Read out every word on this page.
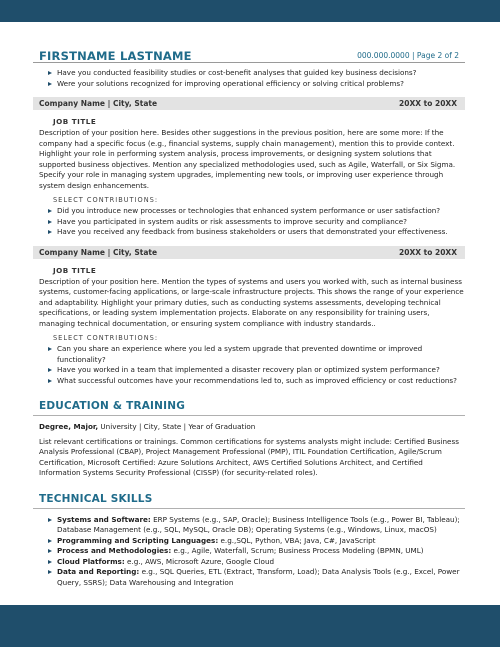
FIRSTNAME LASTNAME	000.000.0000 | Page 2 of 2
Have you conducted feasibility studies or cost-benefit analyses that guided key business decisions?
Were your solutions recognized for improving operational efficiency or solving critical problems?
Company Name | City, State	20XX to 20XX
JOB TITLE

Description of your position here. Besides other suggestions in the previous position, here are some more: If the company had a specific focus (e.g., financial systems, supply chain management), mention this to provide context. Highlight your role in performing system analysis, process improvements, or designing system solutions that supported business objectives. Mention any specialized methodologies used, such as Agile, Waterfall, or Six Sigma. Specify your role in managing system upgrades, implementing new tools, or improving user experience through system design enhancements.

SELECT CONTRIBUTIONS:
Did you introduce new processes or technologies that enhanced system performance or user satisfaction?
Have you participated in system audits or risk assessments to improve security and compliance?
Have you received any feedback from business stakeholders or users that demonstrated your effectiveness.
Company Name | City, State	20XX to 20XX
JOB TITLE

Description of your position here. Mention the types of systems and users you worked with, such as internal business systems, customer-facing applications, or large-scale infrastructure projects. This shows the range of your experience and adaptability. Highlight your primary duties, such as conducting systems assessments, developing technical specifications, or leading system implementation projects. Elaborate on any responsibility for training users, managing technical documentation, or ensuring system compliance with industry standards..

SELECT CONTRIBUTIONS:
Can you share an experience where you led a system upgrade that prevented downtime or improved functionality?
Have you worked in a team that implemented a disaster recovery plan or optimized system performance?
What successful outcomes have your recommendations led to, such as improved efficiency or cost reductions?
EDUCATION & TRAINING
Degree, Major, University | City, State | Year of Graduation

List relevant certifications or trainings. Common certifications for systems analysts might include: Certified Business Analysis Professional (CBAP), Project Management Professional (PMP), ITIL Foundation Certification, Agile/Scrum Certification, Microsoft Certified: Azure Solutions Architect, AWS Certified Solutions Architect, and Certified Information Systems Security Professional (CISSP) (for security-related roles).

TECHNICAL SKILLS
Systems and Software: ERP Systems (e.g., SAP, Oracle); Business Intelligence Tools (e.g., Power BI, Tableau); Database Management (e.g., SQL, MySQL, Oracle DB); Operating Systems (e.g., Windows, Linux, macOS)
Programming and Scripting Languages: e.g.,SQL, Python, VBA; Java, C#, JavaScript
Process and Methodologies: e.g., Agile, Waterfall, Scrum; Business Process Modeling (BPMN, UML)
Cloud Platforms: e.g., AWS, Microsoft Azure, Google Cloud
Data and Reporting: e.g., SQL Queries, ETL (Extract, Transform, Load); Data Analysis Tools (e.g., Excel, Power Query, SSRS); Data Warehousing and Integration
